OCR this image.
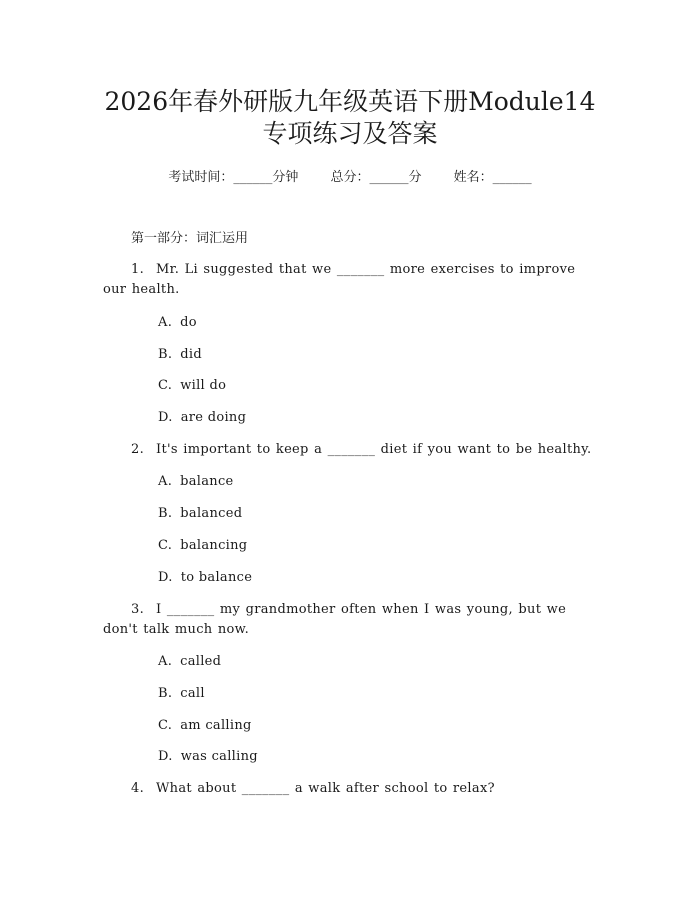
2026年春外研版九年级英语下册Module14
专项练习及答案
考试时间：______分钟 总分：______分 姓名：______
第一部分：词汇运用

1. Mr. Li suggested that we _______ more exercises to improve our health.

A. do

B. did

C. will do

D. are doing

2. It's important to keep a _______ diet if you want to be healthy.

A. balance

B. balanced

C. balancing

D. to balance

3. I _______ my grandmother often when I was young, but we don't talk much now.

A. called

B. call

C. am calling

D. was calling

4. What about _______ a walk after school to relax?
